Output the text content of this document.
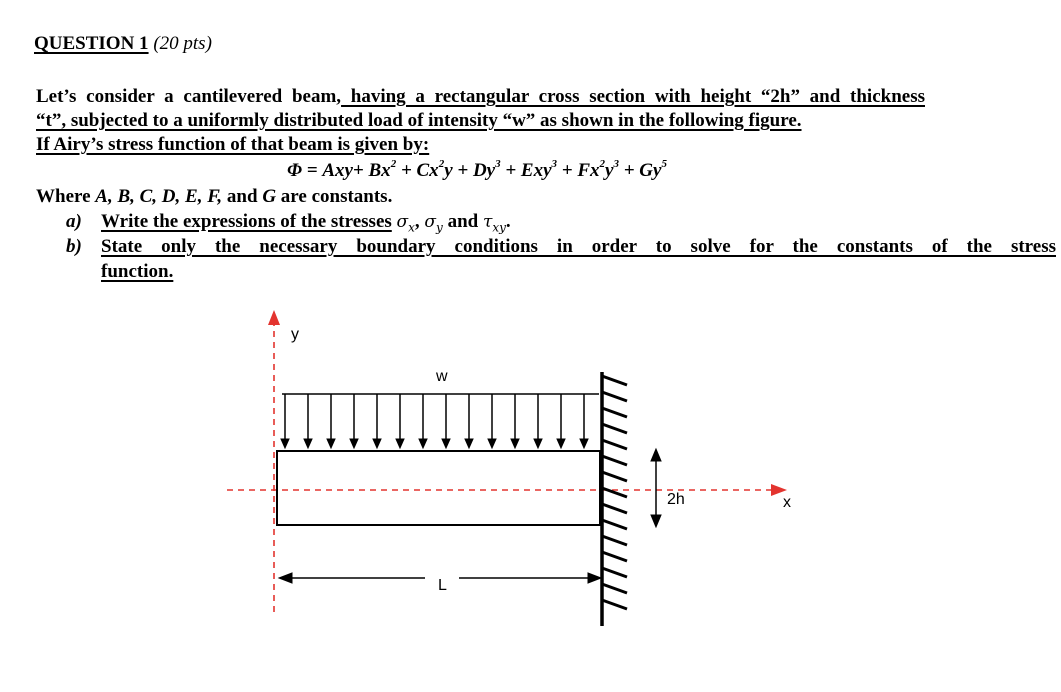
QUESTION 1 (20 pts)
Let’s consider a cantilevered beam, having a rectangular cross section with height “2h” and thickness
“t”, subjected to a uniformly distributed load of intensity “w” as shown in the following figure.
If Airy’s stress function of that beam is given by:
$\Phi = Axy+ Bx^2 + Cx^2y + Dy^3 + Exy^3 + Fx^2y^3 + Gy^5$
Where A, B, C, D, E, F, and G are constants.
a) Write the expressions of the stresses $\sigma_x$, $\sigma_y$ and $\tau_{xy}$.
b) State only the necessary boundary conditions in order to solve for the constants of the stress
function.
y
x
w
2h
L
